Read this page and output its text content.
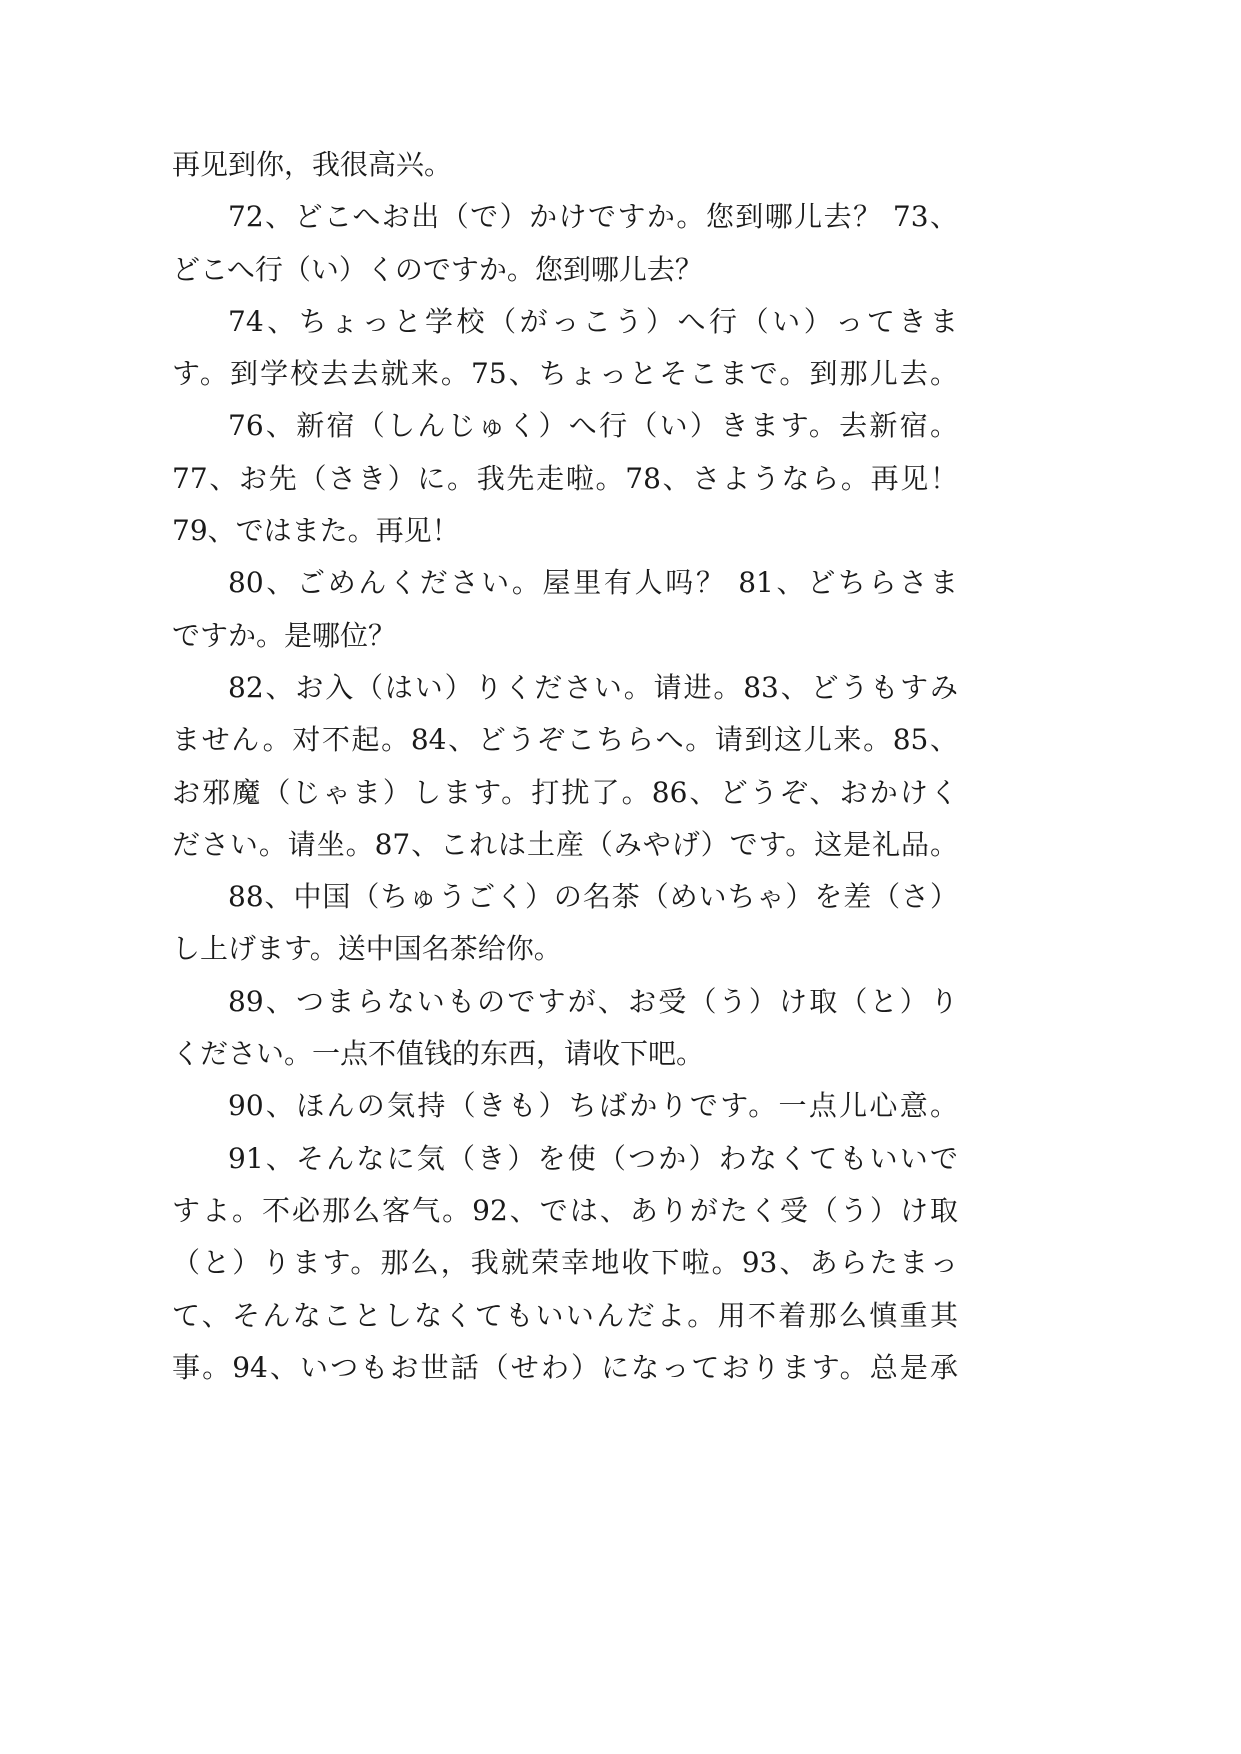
再见到你，我很高兴。
72、どこへお出（で）かけですか。您到哪儿去？ 73、
どこへ行（い）くのですか。您到哪儿去？
74、ちょっと学校（がっこう）へ行（い）ってきま
す。到学校去去就来。75、ちょっとそこまで。到那儿去。
76、新宿（しんじゅく）へ行（い）きます。去新宿。
77、お先（さき）に。我先走啦。78、さようなら。再见！
79、ではまた。再见！
80、ごめんください。屋里有人吗？ 81、どちらさま
ですか。是哪位？
82、お入（はい）りください。请进。83、どうもすみ
ません。对不起。84、どうぞこちらへ。请到这儿来。85、
お邪魔（じゃま）します。打扰了。86、どうぞ、おかけく
ださい。请坐。87、これは土産（みやげ）です。这是礼品。
88、中国（ちゅうごく）の名茶（めいちゃ）を差（さ）
し上げます。送中国名茶给你。
89、つまらないものですが、お受（う）け取（と）り
ください。一点不值钱的东西，请收下吧。
90、ほんの気持（きも）ちばかりです。一点儿心意。
91、そんなに気（き）を使（つか）わなくてもいいで
すよ。不必那么客气。92、では、ありがたく受（う）け取
（と）ります。那么，我就荣幸地收下啦。93、あらたまっ
て、そんなことしなくてもいいんだよ。用不着那么慎重其
事。94、いつもお世話（せわ）になっております。总是承
